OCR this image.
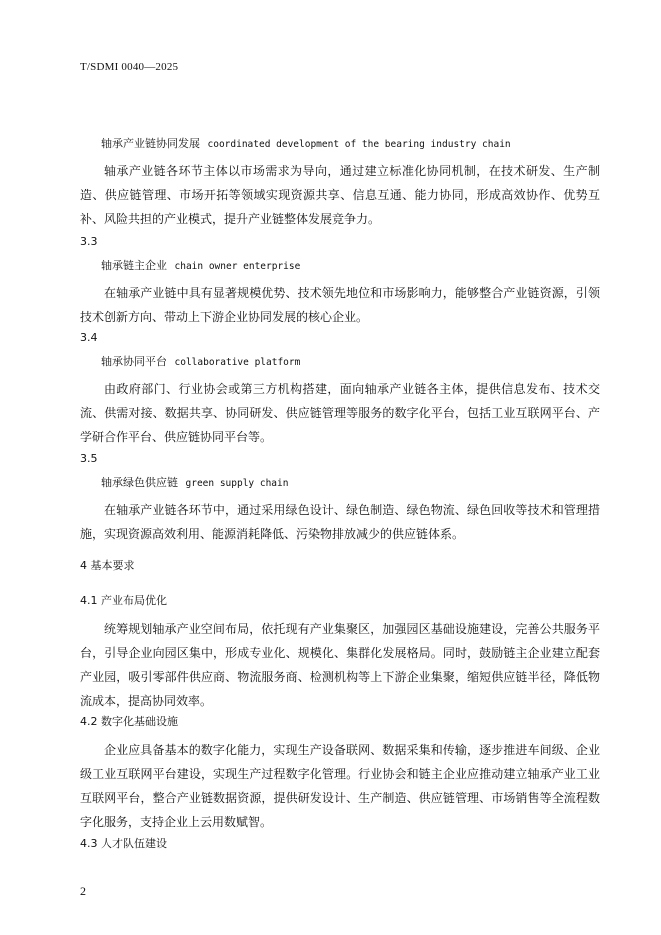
T/SDMI 0040—2025
轴承产业链协同发展 coordinated development of the bearing industry chain

轴承产业链各环节主体以市场需求为导向，通过建立标准化协同机制，在技术研发、生产制造、供应链管理、市场开拓等领域实现资源共享、信息互通、能力协同，形成高效协作、优势互补、风险共担的产业模式，提升产业链整体发展竞争力。

3.3
轴承链主企业 chain owner enterprise

在轴承产业链中具有显著规模优势、技术领先地位和市场影响力，能够整合产业链资源，引领技术创新方向、带动上下游企业协同发展的核心企业。

3.4
轴承协同平台 collaborative platform

由政府部门、行业协会或第三方机构搭建，面向轴承产业链各主体，提供信息发布、技术交流、供需对接、数据共享、协同研发、供应链管理等服务的数字化平台，包括工业互联网平台、产学研合作平台、供应链协同平台等。

3.5
轴承绿色供应链 green supply chain

在轴承产业链各环节中，通过采用绿色设计、绿色制造、绿色物流、绿色回收等技术和管理措施，实现资源高效利用、能源消耗降低、污染物排放减少的供应链体系。

4 基本要求
4.1 产业布局优化

统筹规划轴承产业空间布局，依托现有产业集聚区，加强园区基础设施建设，完善公共服务平台，引导企业向园区集中，形成专业化、规模化、集群化发展格局。同时，鼓励链主企业建立配套产业园，吸引零部件供应商、物流服务商、检测机构等上下游企业集聚，缩短供应链半径，降低物流成本，提高协同效率。

4.2 数字化基础设施

企业应具备基本的数字化能力，实现生产设备联网、数据采集和传输，逐步推进车间级、企业级工业互联网平台建设，实现生产过程数字化管理。行业协会和链主企业应推动建立轴承产业工业互联网平台，整合产业链数据资源，提供研发设计、生产制造、供应链管理、市场销售等全流程数字化服务，支持企业上云用数赋智。

4.3 人才队伍建设
2
